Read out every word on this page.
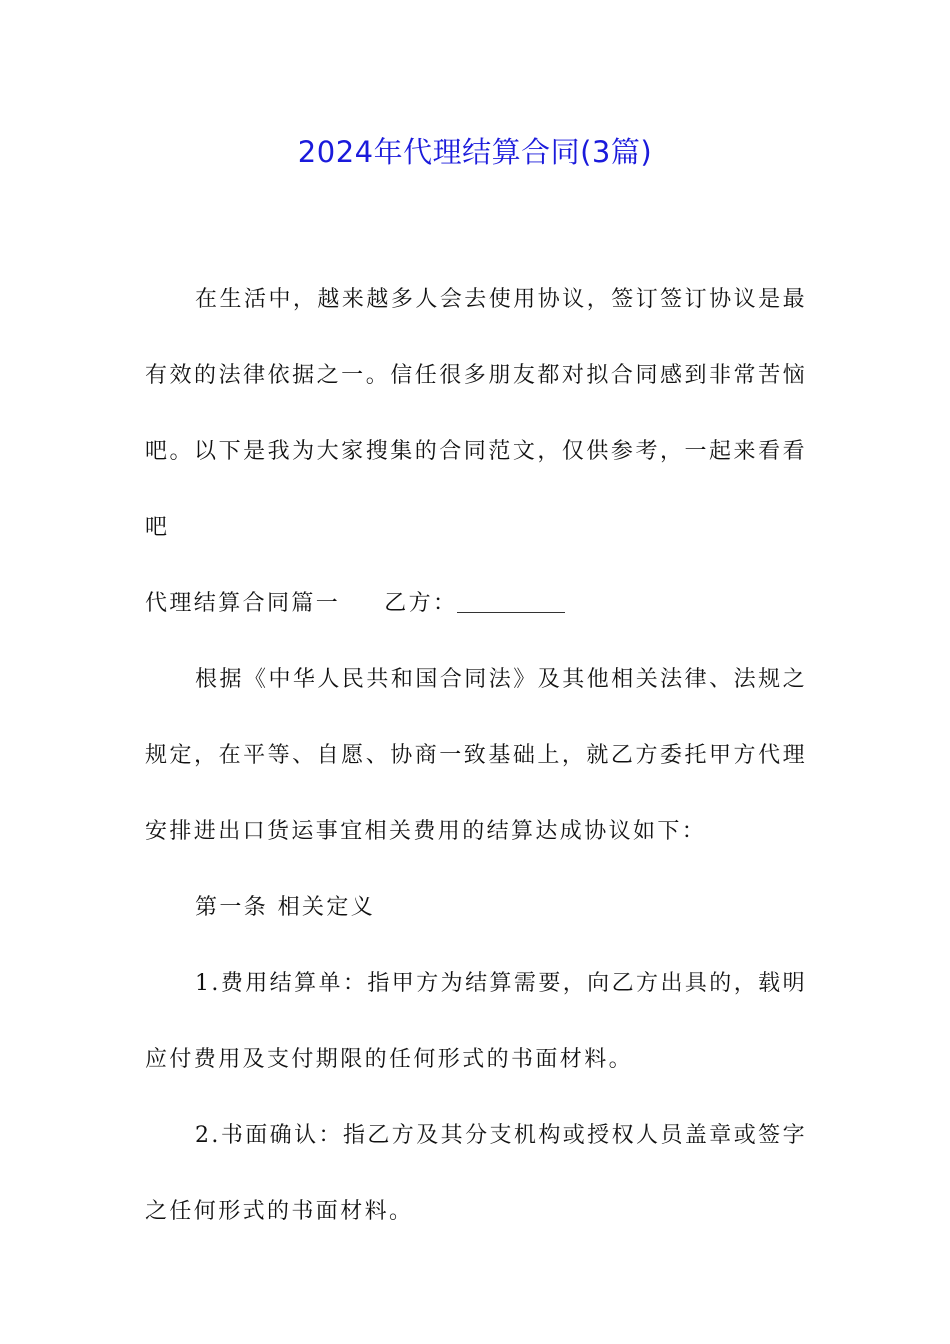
2024年代理结算合同(3篇)

在生活中，越来越多人会去使用协议，签订签订协议是最有效的法律依据之一。信任很多朋友都对拟合同感到非常苦恼吧。以下是我为大家搜集的合同范文，仅供参考，一起来看看吧

代理结算合同篇一 乙方：

根据《中华人民共和国合同法》及其他相关法律、法规之规定，在平等、自愿、协商一致基础上，就乙方委托甲方代理安排进出口货运事宜相关费用的结算达成协议如下：

第一条 相关定义

1.费用结算单：指甲方为结算需要，向乙方出具的，载明应付费用及支付期限的任何形式的书面材料。

2.书面确认：指乙方及其分支机构或授权人员盖章或签字之任何形式的书面材料。
